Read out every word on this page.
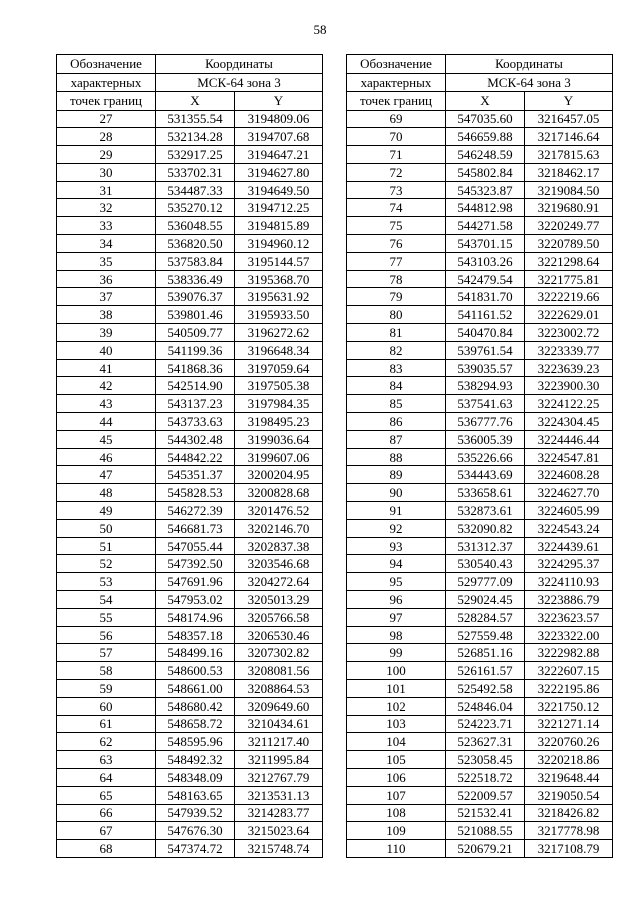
58
Обозначение	Координаты	
характерных	МСК-64 зона 3	
точек границ	X	Y
27	531355.54	3194809.06
28	532134.28	3194707.68
29	532917.25	3194647.21
30	533702.31	3194627.80
31	534487.33	3194649.50
32	535270.12	3194712.25
33	536048.55	3194815.89
34	536820.50	3194960.12
35	537583.84	3195144.57
36	538336.49	3195368.70
37	539076.37	3195631.92
38	539801.46	3195933.50
39	540509.77	3196272.62
40	541199.36	3196648.34
41	541868.36	3197059.64
42	542514.90	3197505.38
43	543137.23	3197984.35
44	543733.63	3198495.23
45	544302.48	3199036.64
46	544842.22	3199607.06
47	545351.37	3200204.95
48	545828.53	3200828.68
49	546272.39	3201476.52
50	546681.73	3202146.70
51	547055.44	3202837.38
52	547392.50	3203546.68
53	547691.96	3204272.64
54	547953.02	3205013.29
55	548174.96	3205766.58
56	548357.18	3206530.46
57	548499.16	3207302.82
58	548600.53	3208081.56
59	548661.00	3208864.53
60	548680.42	3209649.60
61	548658.72	3210434.61
62	548595.96	3211217.40
63	548492.32	3211995.84
64	548348.09	3212767.79
65	548163.65	3213531.13
66	547939.52	3214283.77
67	547676.30	3215023.64
68	547374.72	3215748.74
Обозначение	Координаты	
характерных	МСК-64 зона 3	
точек границ	X	Y
69	547035.60	3216457.05
70	546659.88	3217146.64
71	546248.59	3217815.63
72	545802.84	3218462.17
73	545323.87	3219084.50
74	544812.98	3219680.91
75	544271.58	3220249.77
76	543701.15	3220789.50
77	543103.26	3221298.64
78	542479.54	3221775.81
79	541831.70	3222219.66
80	541161.52	3222629.01
81	540470.84	3223002.72
82	539761.54	3223339.77
83	539035.57	3223639.23
84	538294.93	3223900.30
85	537541.63	3224122.25
86	536777.76	3224304.45
87	536005.39	3224446.44
88	535226.66	3224547.81
89	534443.69	3224608.28
90	533658.61	3224627.70
91	532873.61	3224605.99
92	532090.82	3224543.24
93	531312.37	3224439.61
94	530540.43	3224295.37
95	529777.09	3224110.93
96	529024.45	3223886.79
97	528284.57	3223623.57
98	527559.48	3223322.00
99	526851.16	3222982.88
100	526161.57	3222607.15
101	525492.58	3222195.86
102	524846.04	3221750.12
103	524223.71	3221271.14
104	523627.31	3220760.26
105	523058.45	3220218.86
106	522518.72	3219648.44
107	522009.57	3219050.54
108	521532.41	3218426.82
109	521088.55	3217778.98
110	520679.21	3217108.79
